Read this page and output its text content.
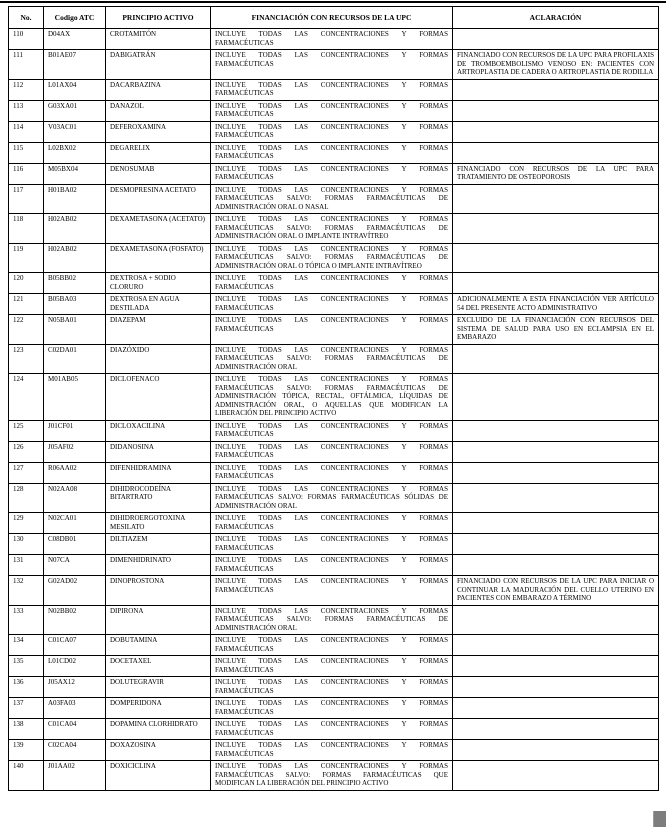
No.	Codigo ATC	PRINCIPIO ACTIVO	FINANCIACIÓN CON RECURSOS DE LA UPC	ACLARACIÓN
110	D04AX	CROTAMITÓN	INCLUYE TODAS LAS CONCENTRACIONES Y FORMAS FARMACÉUTICAS	
111	B01AE07	DABIGATRÁN	INCLUYE TODAS LAS CONCENTRACIONES Y FORMAS FARMACÉUTICAS	FINANCIADO CON RECURSOS DE LA UPC PARA PROFILAXIS DE TROMBOEMBOLISMO VENOSO EN: PACIENTES CON ARTROPLASTIA DE CADERA O ARTROPLASTIA DE RODILLA
112	L01AX04	DACARBAZINA	INCLUYE TODAS LAS CONCENTRACIONES Y FORMAS FARMACÉUTICAS	
113	G03XA01	DANAZOL	INCLUYE TODAS LAS CONCENTRACIONES Y FORMAS FARMACÉUTICAS	
114	V03AC01	DEFEROXAMINA	INCLUYE TODAS LAS CONCENTRACIONES Y FORMAS FARMACÉUTICAS	
115	L02BX02	DEGARELIX	INCLUYE TODAS LAS CONCENTRACIONES Y FORMAS FARMACÉUTICAS	
116	M05BX04	DENOSUMAB	INCLUYE TODAS LAS CONCENTRACIONES Y FORMAS FARMACÉUTICAS	FINANCIADO CON RECURSOS DE LA UPC PARA TRATAMIENTO DE OSTEOPOROSIS
117	H01BA02	DESMOPRESINA ACETATO	INCLUYE TODAS LAS CONCENTRACIONES Y FORMAS FARMACÉUTICAS SALVO: FORMAS FARMACÉUTICAS DE ADMINISTRACIÓN ORAL O NASAL	
118	H02AB02	DEXAMETASONA (ACETATO)	INCLUYE TODAS LAS CONCENTRACIONES Y FORMAS FARMACÉUTICAS SALVO: FORMAS FARMACÉUTICAS DE ADMINISTRACIÓN ORAL O IMPLANTE INTRAVÍTREO	
119	H02AB02	DEXAMETASONA (FOSFATO)	INCLUYE TODAS LAS CONCENTRACIONES Y FORMAS FARMACÉUTICAS SALVO: FORMAS FARMACÉUTICAS DE ADMINISTRACIÓN ORAL O TÓPICA O IMPLANTE INTRAVÍTREO	
120	B05BB02	DEXTROSA + SODIO CLORURO	INCLUYE TODAS LAS CONCENTRACIONES Y FORMAS FARMACÉUTICAS	
121	B05BA03	DEXTROSA EN AGUA DESTILADA	INCLUYE TODAS LAS CONCENTRACIONES Y FORMAS FARMACÉUTICAS	ADICIONALMENTE A ESTA FINANCIACIÓN VER ARTÍCULO 54 DEL PRESENTE ACTO ADMINISTRATIVO
122	N05BA01	DIAZEPAM	INCLUYE TODAS LAS CONCENTRACIONES Y FORMAS FARMACÉUTICAS	EXCLUIDO DE LA FINANCIACIÓN CON RECURSOS DEL SISTEMA DE SALUD PARA USO EN ECLAMPSIA EN EL EMBARAZO
123	C02DA01	DIAZÓXIDO	INCLUYE TODAS LAS CONCENTRACIONES Y FORMAS FARMACÉUTICAS SALVO: FORMAS FARMACÉUTICAS DE ADMINISTRACIÓN ORAL	
124	M01AB05	DICLOFENACO	INCLUYE TODAS LAS CONCENTRACIONES Y FORMAS FARMACÉUTICAS SALVO: FORMAS FARMACÉUTICAS DE ADMINISTRACIÓN TÓPICA, RECTAL, OFTÁLMICA, LÍQUIDAS DE ADMINISTRACIÓN ORAL, O AQUELLAS QUE MODIFICAN LA LIBERACIÓN DEL PRINCIPIO ACTIVO	
125	J01CF01	DICLOXACILINA	INCLUYE TODAS LAS CONCENTRACIONES Y FORMAS FARMACÉUTICAS	
126	J05AF02	DIDANOSINA	INCLUYE TODAS LAS CONCENTRACIONES Y FORMAS FARMACÉUTICAS	
127	R06AA02	DIFENHIDRAMINA	INCLUYE TODAS LAS CONCENTRACIONES Y FORMAS FARMACÉUTICAS	
128	N02AA08	DIHIDROCODEÍNA BITARTRATO	INCLUYE TODAS LAS CONCENTRACIONES Y FORMAS FARMACÉUTICAS SALVO: FORMAS FARMACÉUTICAS SÓLIDAS DE ADMINISTRACIÓN ORAL	
129	N02CA01	DIHIDROERGOTOXINA MESILATO	INCLUYE TODAS LAS CONCENTRACIONES Y FORMAS FARMACÉUTICAS	
130	C08DB01	DILTIAZEM	INCLUYE TODAS LAS CONCENTRACIONES Y FORMAS FARMACÉUTICAS	
131	N07CA	DIMENHIDRINATO	INCLUYE TODAS LAS CONCENTRACIONES Y FORMAS FARMACÉUTICAS	
132	G02AD02	DINOPROSTONA	INCLUYE TODAS LAS CONCENTRACIONES Y FORMAS FARMACÉUTICAS	FINANCIADO CON RECURSOS DE LA UPC PARA INICIAR O CONTINUAR LA MADURACIÓN DEL CUELLO UTERINO EN PACIENTES CON EMBARAZO A TÉRMINO
133	N02BB02	DIPIRONA	INCLUYE TODAS LAS CONCENTRACIONES Y FORMAS FARMACÉUTICAS SALVO: FORMAS FARMACÉUTICAS DE ADMINISTRACIÓN ORAL	
134	C01CA07	DOBUTAMINA	INCLUYE TODAS LAS CONCENTRACIONES Y FORMAS FARMACÉUTICAS	
135	L01CD02	DOCETAXEL	INCLUYE TODAS LAS CONCENTRACIONES Y FORMAS FARMACÉUTICAS	
136	J05AX12	DOLUTEGRAVIR	INCLUYE TODAS LAS CONCENTRACIONES Y FORMAS FARMACÉUTICAS	
137	A03FA03	DOMPERIDONA	INCLUYE TODAS LAS CONCENTRACIONES Y FORMAS FARMACÉUTICAS	
138	C01CA04	DOPAMINA CLORHIDRATO	INCLUYE TODAS LAS CONCENTRACIONES Y FORMAS FARMACÉUTICAS	
139	C02CA04	DOXAZOSINA	INCLUYE TODAS LAS CONCENTRACIONES Y FORMAS FARMACÉUTICAS	
140	J01AA02	DOXICICLINA	INCLUYE TODAS LAS CONCENTRACIONES Y FORMAS FARMACÉUTICAS SALVO: FORMAS FARMACÉUTICAS QUE MODIFICAN LA LIBERACIÓN DEL PRINCIPIO ACTIVO	
